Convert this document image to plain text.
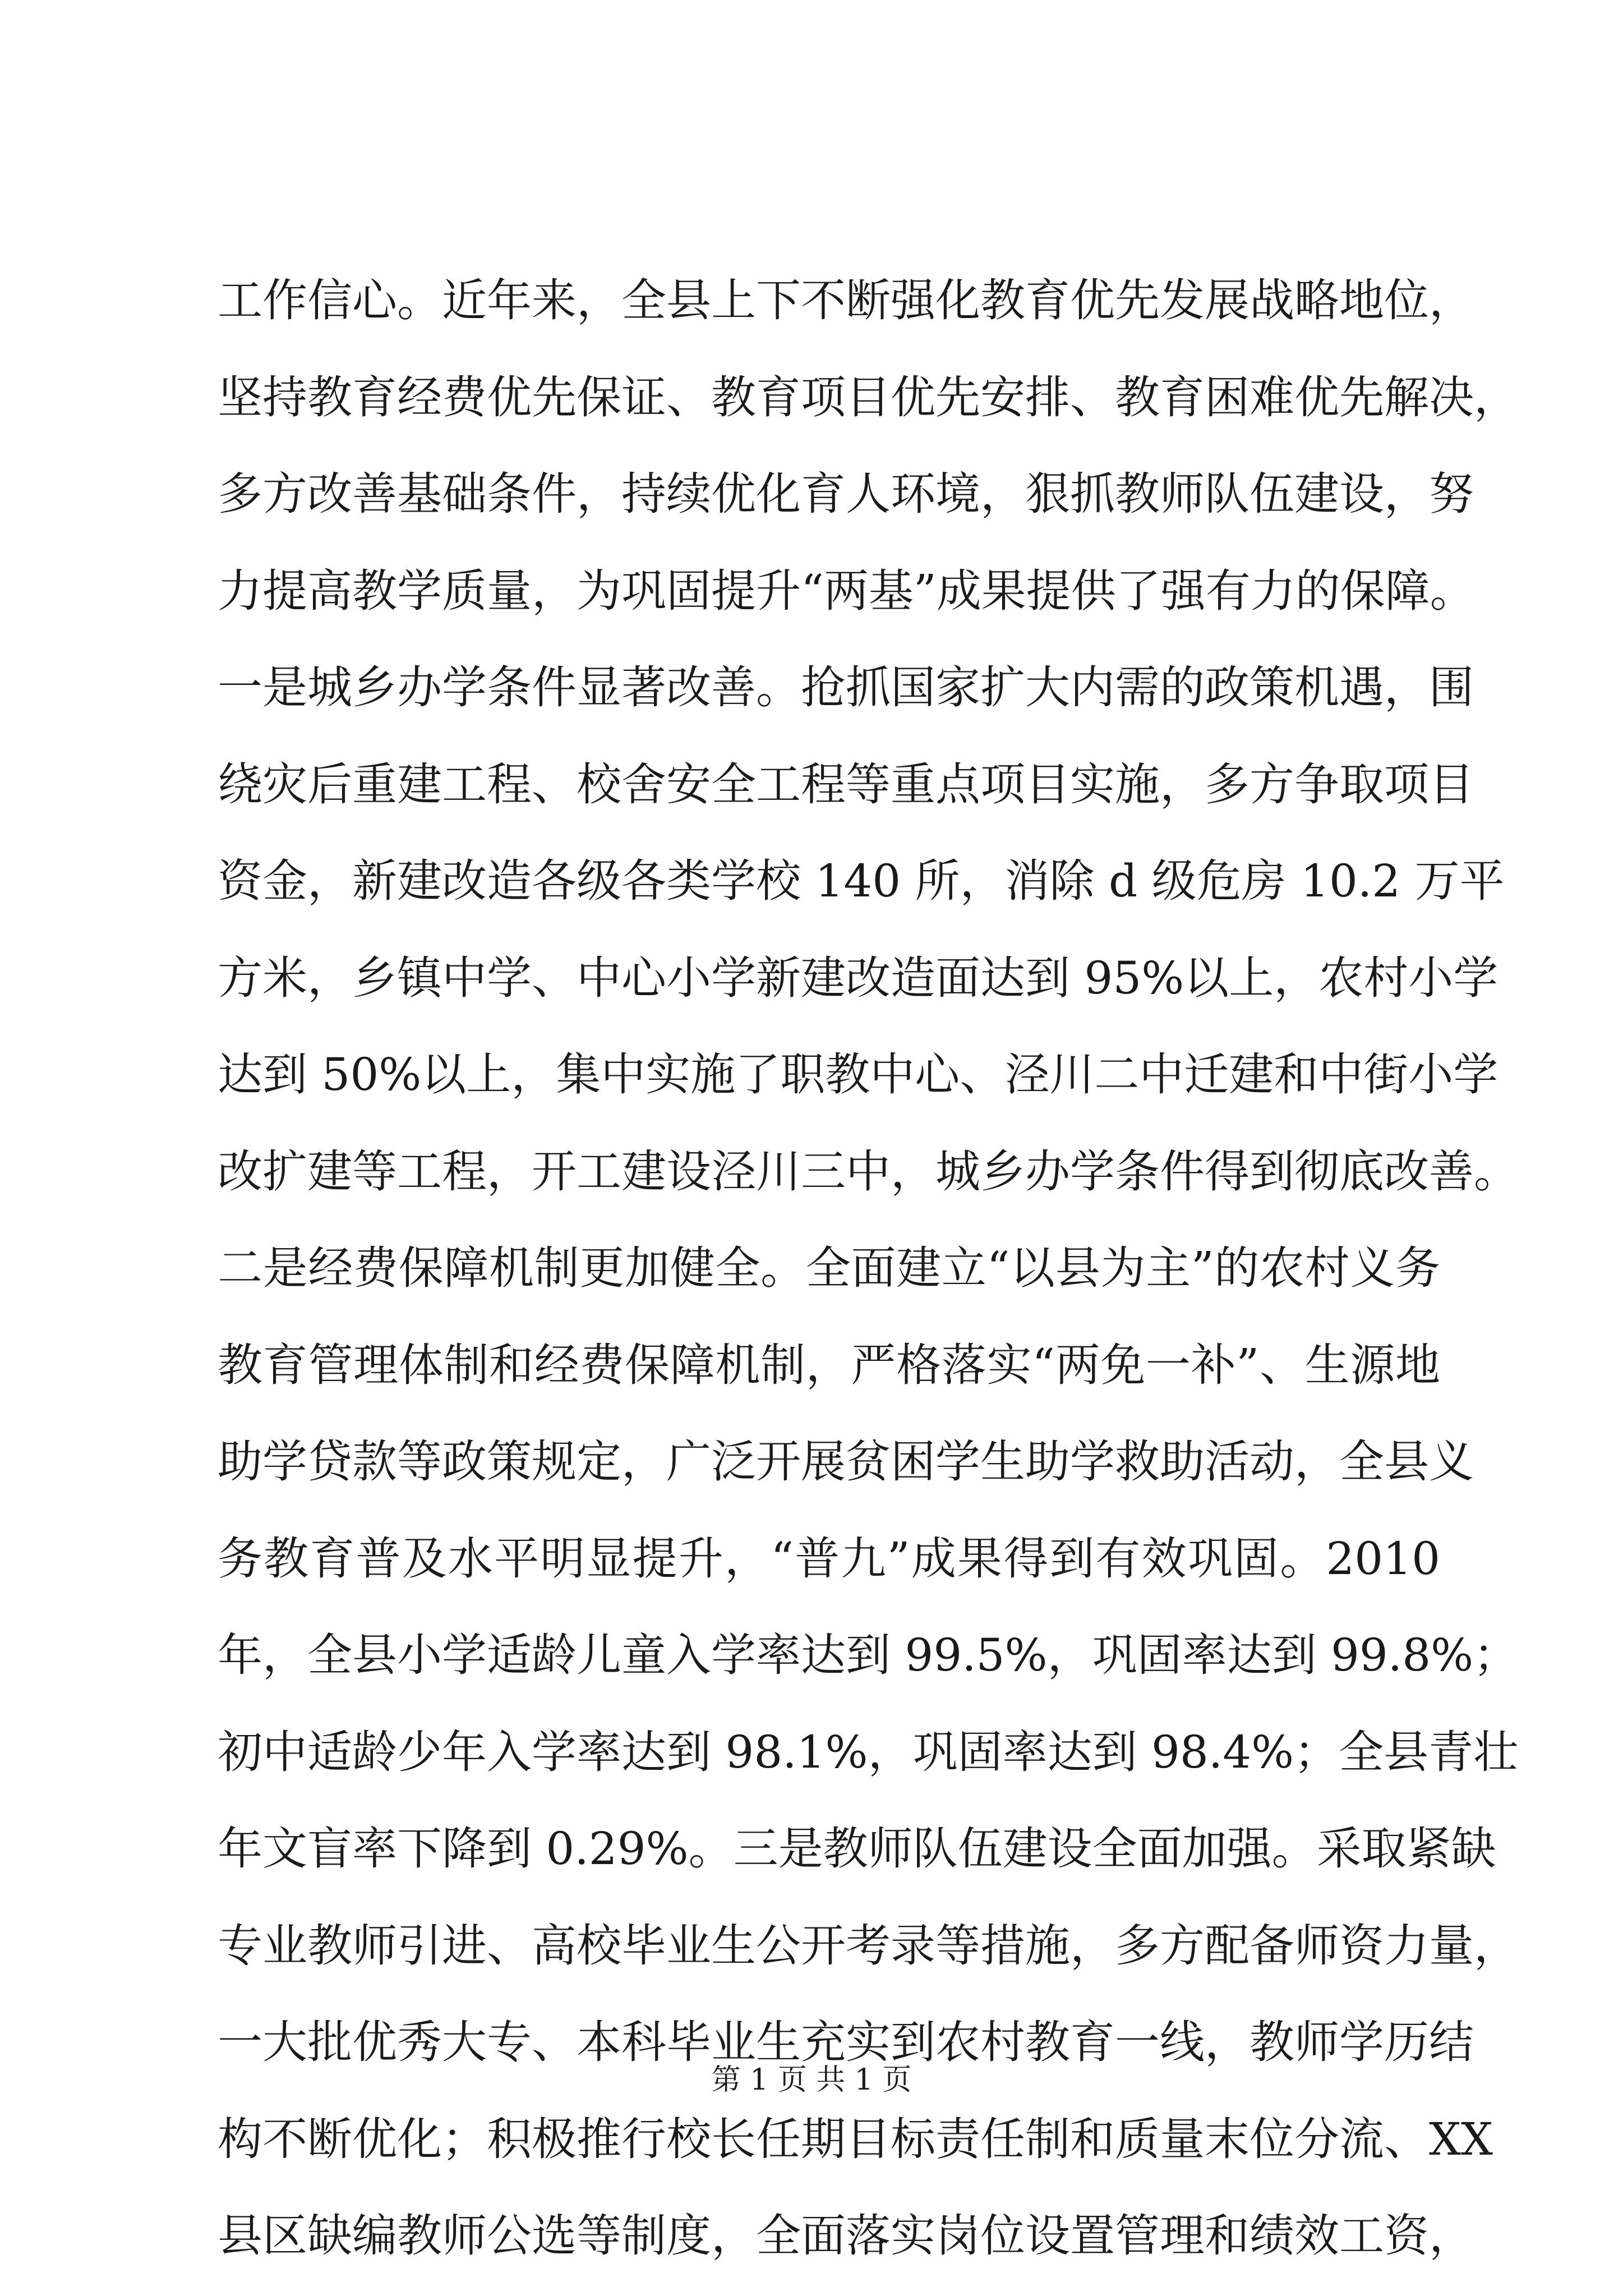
工作信心。近年来，全县上下不断强化教育优先发展战略地位，
坚持教育经费优先保证、教育项目优先安排、教育困难优先解决，
多方改善基础条件，持续优化育人环境，狠抓教师队伍建设，努
力提高教学质量，为巩固提升“两基”成果提供了强有力的保障。
一是城乡办学条件显著改善。抢抓国家扩大内需的政策机遇，围
绕灾后重建工程、校舍安全工程等重点项目实施，多方争取项目
资金，新建改造各级各类学校 140 所，消除 d 级危房 10.2 万平
方米，乡镇中学、中心小学新建改造面达到 95%以上，农村小学
达到 50%以上，集中实施了职教中心、泾川二中迁建和中街小学
改扩建等工程，开工建设泾川三中，城乡办学条件得到彻底改善。
二是经费保障机制更加健全。全面建立“以县为主”的农村义务
教育管理体制和经费保障机制，严格落实“两免一补”、生源地
助学贷款等政策规定，广泛开展贫困学生助学救助活动，全县义
务教育普及水平明显提升，“普九”成果得到有效巩固。2010
年，全县小学适龄儿童入学率达到 99.5%，巩固率达到 99.8%；
初中适龄少年入学率达到 98.1%，巩固率达到 98.4%；全县青壮
年文盲率下降到 0.29%。三是教师队伍建设全面加强。采取紧缺
专业教师引进、高校毕业生公开考录等措施，多方配备师资力量，
一大批优秀大专、本科毕业生充实到农村教育一线，教师学历结
构不断优化；积极推行校长任期目标责任制和质量末位分流、XX
县区缺编教师公选等制度，全面落实岗位设置管理和绩效工资，
第 1 页 共 1 页
